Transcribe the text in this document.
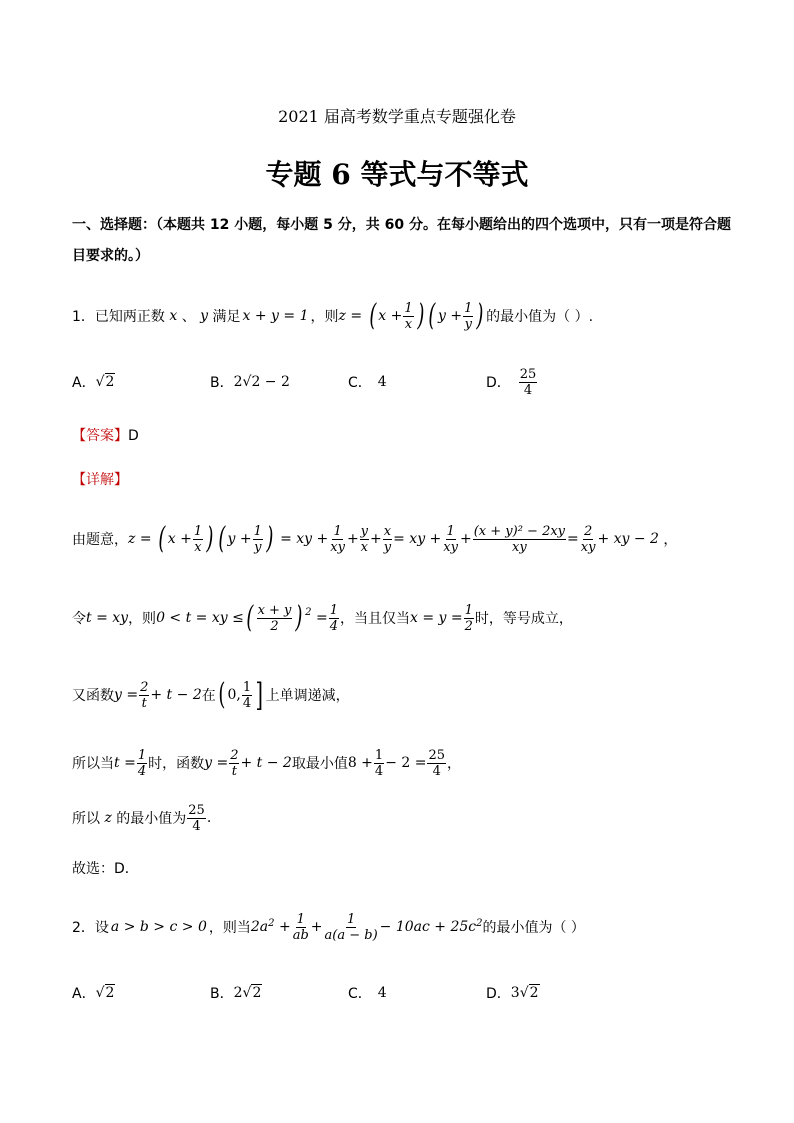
2021 届高考数学重点专题强化卷
专题 6 等式与不等式
一、选择题：（本题共 12 小题，每小题 5 分，共 60 分。在每小题给出的四个选项中，只有一项是符合题
目要求的。）
1．已知两正数 x 、 y 满足 x + y = 1 ，则 z = ( $x + \frac{1}{x}$ ) ( $y + \frac{1}{y}$ ) 的最小值为（ ）.
A． √2	B． 2√2 − 2	C． 4	D． $\frac{25}{4}$
【答案】D
【详解】
由题意， z = ( $x + \frac{1}{x}$ ) ( $y + \frac{1}{y}$ ) = xy + $\frac{1}{xy} + \frac{y}{x} + \frac{x}{y}$ = xy + $\frac{1}{xy} + \frac{\text{(x + y)² − 2xy}}{xy} = \frac{2}{xy}$ + xy − 2 ，
令 t = xy ，则 0 < t = xy ≤ ( $\frac{x + y}{2} )^2 = \frac{1}{4}$ ，当且仅当 $x = y = \frac{1}{2}$ 时，等号成立，
又函数 $y = \frac{2}{t} + t - 2$ 在 ( 0, $\frac{1}{4}$ ] 上单调递减，
所以当 $t = \frac{1}{4}$ 时，函数 $y = \frac{2}{t} + t - 2$ 取最小值 $8 + \frac{1}{4} - 2 = \frac{25}{4}$ ，
所以 z 的最小值为 $\frac{25}{4}$ .
故选：D．
2．设 a > b > c > 0 ，则当 2a $2 + \frac{1}{ab} + \frac{1}{a(a - b)} - 10ac + 25c^2$ 的最小值为（ ）
A． √2	B． 2 √2	C． 4	D． 3 √2
